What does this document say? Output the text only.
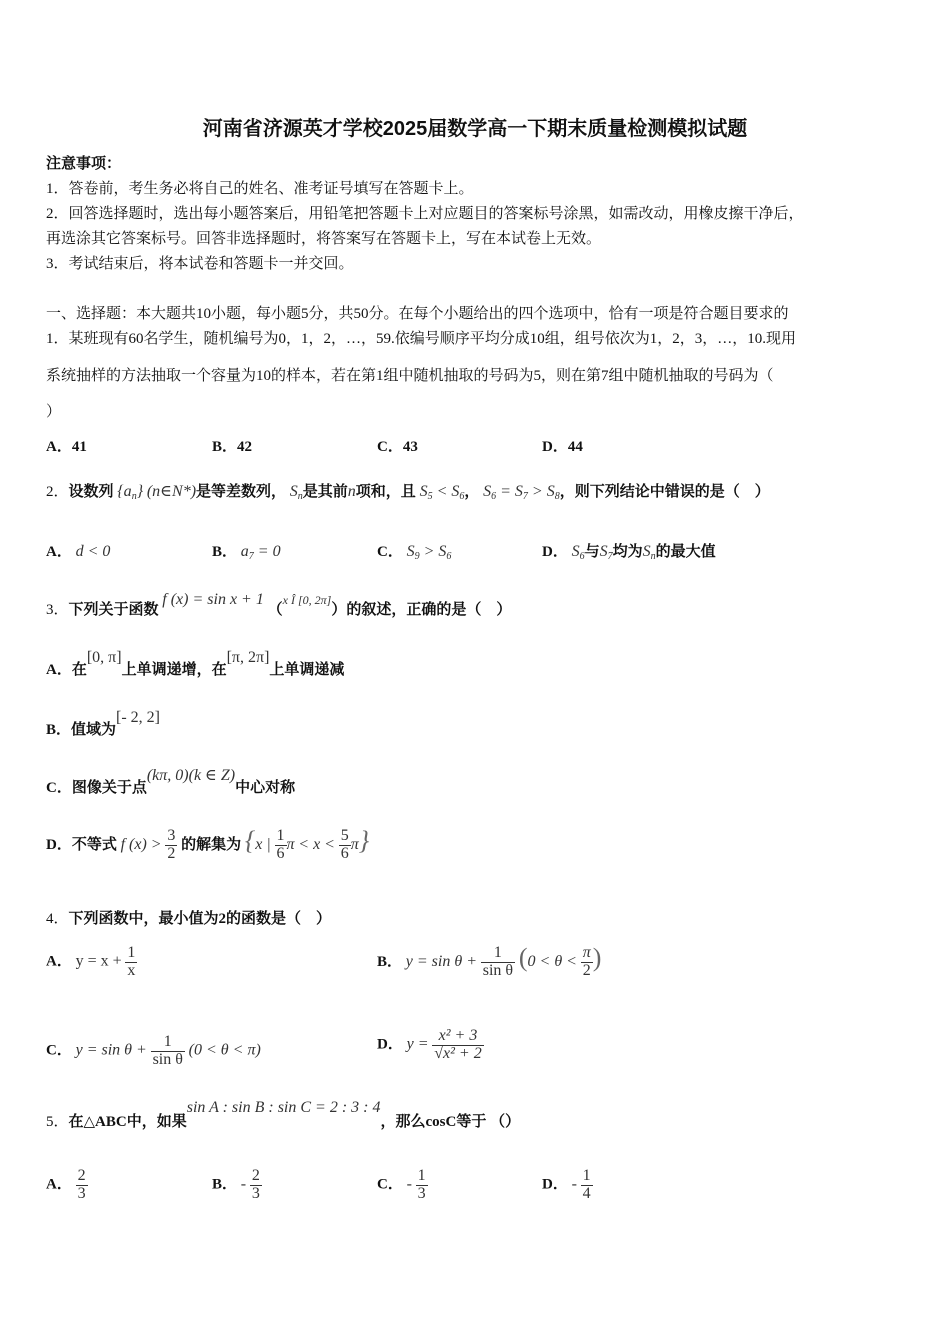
河南省济源英才学校2025届数学高一下期末质量检测模拟试题
注意事项：
1．答卷前，考生务必将自己的姓名、准考证号填写在答题卡上。
2．回答选择题时，选出每小题答案后，用铅笔把答题卡上对应题目的答案标号涂黑，如需改动，用橡皮擦干净后，
再选涂其它答案标号。回答非选择题时，将答案写在答题卡上，写在本试卷上无效。
3．考试结束后，将本试卷和答题卡一并交回。
一、选择题：本大题共10小题，每小题5分，共50分。在每个小题给出的四个选项中，恰有一项是符合题目要求的
1．某班现有60名学生，随机编号为0，1，2，…，59.依编号顺序平均分成10组，组号依次为1，2，3，…，10.现用
系统抽样的方法抽取一个容量为10的样本，若在第1组中随机抽取的号码为5，则在第7组中随机抽取的号码为（
）
A．41	B．42	C．43	D．44
2．设数列 $\{a_n\}$ (n∈N*)是等差数列， $S_n$是其前n项和，且 $S_5 < S_6$， $S_6 = S_7 > S_8$，则下列结论中错误的是（　）
A． d < 0	B． $a_7 = 0$	C． $S_9 > S_6$	D． $S_6$与$S_7$均为$S_n$的最大值
3．下列关于函数 f (x) = sin x + 1 （$^{x Î [0, 2\pi]}$）的叙述，正确的是（　）
A．在[0, π]上单调递增，在[π, 2π]上单调递减
B．值域为[- 2, 2]
C．图像关于点(kπ, 0)(k ∈ Z)中心对称
D．不等式 f $(x) > \frac{3}{2}$ 的解集为 {x | $\frac{1}{6}$ $\pi < x < \frac{5}{6} \pi$}
4．下列函数中，最小值为2的函数是（　）
A． $y = x + \frac{1}{x}$	B． $y = \sin \theta + \frac{1}{\text{sin θ}} (0 < \theta < \frac{\pi}{2}$ )
C． $y = \sin \theta + \frac{1}{\text{sin θ}} (0 < \theta < \pi)$	D． $y = \frac{\text{x² + 3}}{\text{√x² + 2}}$
5．在△ABC中，如果sin A : sin B : sin C = 2 : 3 : 4，那么cosC等于 （）
A． $\frac{2}{3}$	B． - $\frac{2}{3}$	C． - $\frac{1}{3}$	D． - $\frac{1}{4}$
